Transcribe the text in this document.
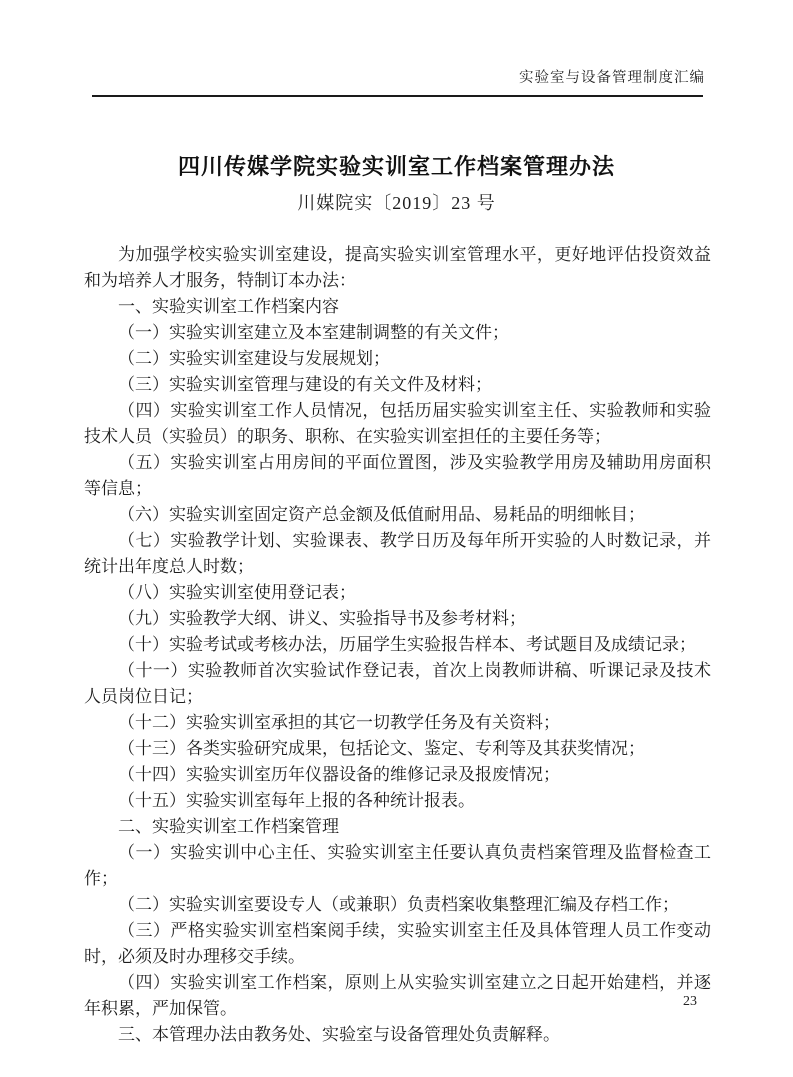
实验室与设备管理制度汇编
四川传媒学院实验实训室工作档案管理办法
川媒院实〔2019〕23 号

为加强学校实验实训室建设，提高实验实训室管理水平，更好地评估投资效益和为培养人才服务，特制订本办法：

一、实验实训室工作档案内容

（一）实验实训室建立及本室建制调整的有关文件；

（二）实验实训室建设与发展规划；

（三）实验实训室管理与建设的有关文件及材料；

（四）实验实训室工作人员情况，包括历届实验实训室主任、实验教师和实验技术人员（实验员）的职务、职称、在实验实训室担任的主要任务等；

（五）实验实训室占用房间的平面位置图，涉及实验教学用房及辅助用房面积等信息；

（六）实验实训室固定资产总金额及低值耐用品、易耗品的明细帐目；

（七）实验教学计划、实验课表、教学日历及每年所开实验的人时数记录，并统计出年度总人时数；

（八）实验实训室使用登记表；

（九）实验教学大纲、讲义、实验指导书及参考材料；

（十）实验考试或考核办法，历届学生实验报告样本、考试题目及成绩记录；

（十一）实验教师首次实验试作登记表，首次上岗教师讲稿、听课记录及技术人员岗位日记；

（十二）实验实训室承担的其它一切教学任务及有关资料；

（十三）各类实验研究成果，包括论文、鉴定、专利等及其获奖情况；

（十四）实验实训室历年仪器设备的维修记录及报废情况；

（十五）实验实训室每年上报的各种统计报表。

二、实验实训室工作档案管理

（一）实验实训中心主任、实验实训室主任要认真负责档案管理及监督检查工作；

（二）实验实训室要设专人（或兼职）负责档案收集整理汇编及存档工作；

（三）严格实验实训室档案阅手续，实验实训室主任及具体管理人员工作变动时，必须及时办理移交手续。

（四）实验实训室工作档案，原则上从实验实训室建立之日起开始建档，并逐年积累，严加保管。

三、本管理办法由教务处、实验室与设备管理处负责解释。

23
